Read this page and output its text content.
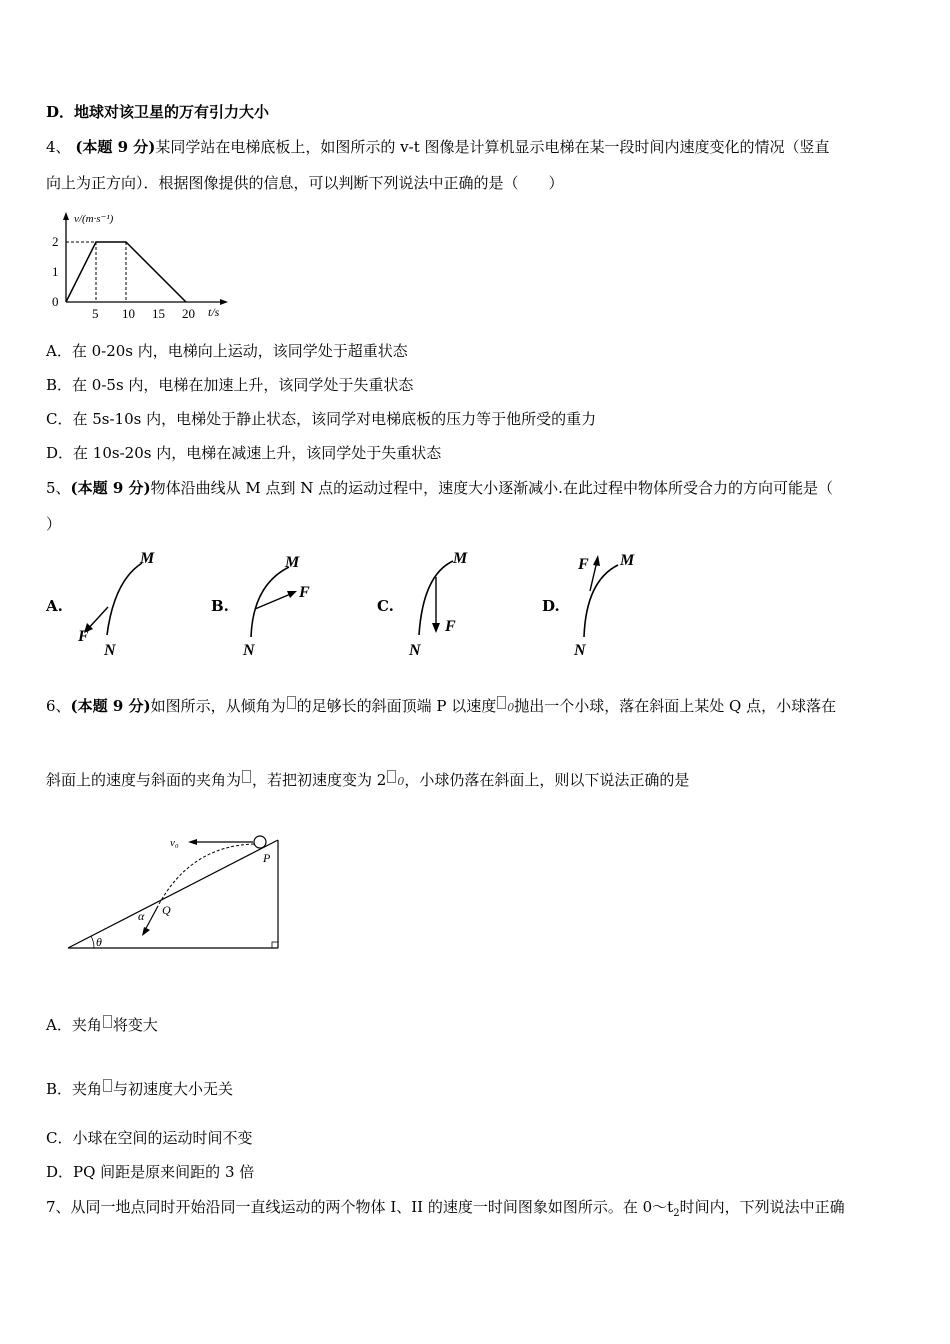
D．地球对该卫星的万有引力大小
4、 (本题 9 分)某同学站在电梯底板上，如图所示的 v-t 图像是计算机显示电梯在某一段时间内速度变化的情况（竖直
向上为正方向）．根据图像提供的信息，可以判断下列说法中正确的是（　　）
0
1
2
5 10 15 20
v/(m·s⁻¹)
t/s
A．在 0-20s 内，电梯向上运动，该同学处于超重状态
B．在 0-5s 内，电梯在加速上升，该同学处于失重状态
C．在 5s-10s 内，电梯处于静止状态，该同学对电梯底板的压力等于他所受的重力
D．在 10s-20s 内，电梯在减速上升，该同学处于失重状态
5、(本题 9 分)物体沿曲线从 M 点到 N 点的运动过程中，速度大小逐渐减小.在此过程中物体所受合力的方向可能是（
）
A.	B.	C.	D.
M
F
N
M
F
N
M
F
N
F M
N
6、(本题 9 分)如图所示，从倾角为 的足够长的斜面顶端 P 以速度 0抛出一个小球，落在斜面上某处 Q 点，小球落在
斜面上的速度与斜面的夹角为 ，若把初速度变为 2 0，小球仍落在斜面上，则以下说法正确的是
v₀
P
Q
α
θ
A．夹角 将变大
B．夹角 与初速度大小无关
C．小球在空间的运动时间不变
D．PQ 间距是原来间距的 3 倍
7、从同一地点同时开始沿同一直线运动的两个物体 I、II 的速度一时间图象如图所示。在 $0\sim t_2$时间内，下列说法中正确
